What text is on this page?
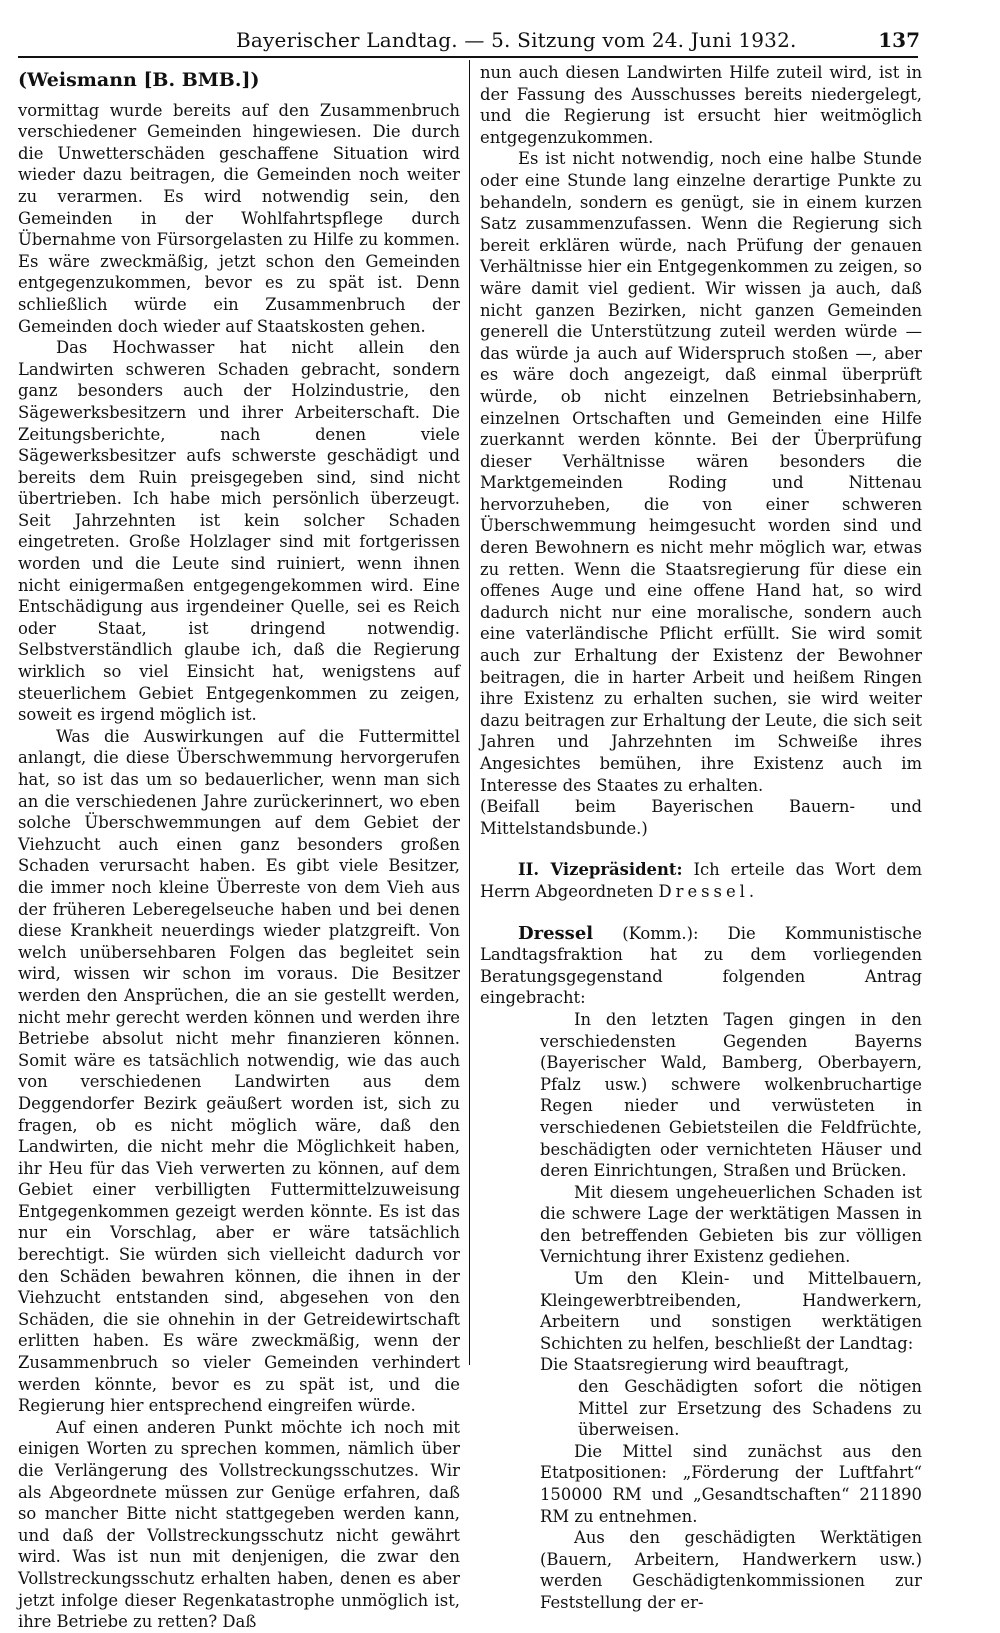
Bayerischer Landtag. — 5. Sitzung vom 24. Juni 1932.	137

(Weismann [B. BMB.])

vormittag wurde bereits auf den Zusammenbruch verschiedener Gemeinden hingewiesen. Die durch die Unwetterschäden geschaffene Situation wird wieder dazu beitragen, die Gemeinden noch weiter zu verarmen. Es wird notwendig sein, den Gemeinden in der Wohlfahrtspflege durch Übernahme von Fürsorgelasten zu Hilfe zu kommen. Es wäre zweckmäßig, jetzt schon den Gemeinden entgegenzukommen, bevor es zu spät ist. Denn schließlich würde ein Zusammenbruch der Gemeinden doch wieder auf Staatskosten gehen.

Das Hochwasser hat nicht allein den Landwirten schweren Schaden gebracht, sondern ganz besonders auch der Holzindustrie, den Sägewerksbesitzern und ihrer Arbeiterschaft. Die Zeitungsberichte, nach denen viele Sägewerksbesitzer aufs schwerste geschädigt und bereits dem Ruin preisgegeben sind, sind nicht übertrieben. Ich habe mich persönlich überzeugt. Seit Jahrzehnten ist kein solcher Schaden eingetreten. Große Holzlager sind mit fortgerissen worden und die Leute sind ruiniert, wenn ihnen nicht einigermaßen entgegengekommen wird. Eine Entschädigung aus irgendeiner Quelle, sei es Reich oder Staat, ist dringend notwendig. Selbstverständlich glaube ich, daß die Regierung wirklich so viel Einsicht hat, wenigstens auf steuerlichem Gebiet Entgegenkommen zu zeigen, soweit es irgend möglich ist.

Was die Auswirkungen auf die Futtermittel anlangt, die diese Überschwemmung hervorgerufen hat, so ist das um so bedauerlicher, wenn man sich an die verschiedenen Jahre zurückerinnert, wo eben solche Überschwemmungen auf dem Gebiet der Viehzucht auch einen ganz besonders großen Schaden verursacht haben. Es gibt viele Besitzer, die immer noch kleine Überreste von dem Vieh aus der früheren Leberegelseuche haben und bei denen diese Krankheit neuerdings wieder platzgreift. Von welch unübersehbaren Folgen das begleitet sein wird, wissen wir schon im voraus. Die Besitzer werden den Ansprüchen, die an sie gestellt werden, nicht mehr gerecht werden können und werden ihre Betriebe absolut nicht mehr finanzieren können. Somit wäre es tatsächlich notwendig, wie das auch von verschiedenen Landwirten aus dem Deggendorfer Bezirk geäußert worden ist, sich zu fragen, ob es nicht möglich wäre, daß den Landwirten, die nicht mehr die Möglichkeit haben, ihr Heu für das Vieh verwerten zu können, auf dem Gebiet einer verbilligten Futtermittelzuweisung Entgegenkommen gezeigt werden könnte. Es ist das nur ein Vorschlag, aber er wäre tatsächlich berechtigt. Sie würden sich vielleicht dadurch vor den Schäden bewahren können, die ihnen in der Viehzucht entstanden sind, abgesehen von den Schäden, die sie ohnehin in der Getreidewirtschaft erlitten haben. Es wäre zweckmäßig, wenn der Zusammenbruch so vieler Gemeinden verhindert werden könnte, bevor es zu spät ist, und die Regierung hier entsprechend eingreifen würde.

Auf einen anderen Punkt möchte ich noch mit einigen Worten zu sprechen kommen, nämlich über die Verlängerung des Vollstreckungsschutzes. Wir als Abgeordnete müssen zur Genüge erfahren, daß so mancher Bitte nicht stattgegeben werden kann, und daß der Vollstreckungsschutz nicht gewährt wird. Was ist nun mit denjenigen, die zwar den Vollstreckungsschutz erhalten haben, denen es aber jetzt infolge dieser Regenkatastrophe unmöglich ist, ihre Betriebe zu retten? Daß

nun auch diesen Landwirten Hilfe zuteil wird, ist in der Fassung des Ausschusses bereits niedergelegt, und die Regierung ist ersucht hier weitmöglich entgegenzukommen.

Es ist nicht notwendig, noch eine halbe Stunde oder eine Stunde lang einzelne derartige Punkte zu behandeln, sondern es genügt, sie in einem kurzen Satz zusammenzufassen. Wenn die Regierung sich bereit erklären würde, nach Prüfung der genauen Verhältnisse hier ein Entgegenkommen zu zeigen, so wäre damit viel gedient. Wir wissen ja auch, daß nicht ganzen Bezirken, nicht ganzen Gemeinden generell die Unterstützung zuteil werden würde — das würde ja auch auf Widerspruch stoßen —, aber es wäre doch angezeigt, daß einmal überprüft würde, ob nicht einzelnen Betriebsinhabern, einzelnen Ortschaften und Gemeinden eine Hilfe zuerkannt werden könnte. Bei der Überprüfung dieser Verhältnisse wären besonders die Marktgemeinden Roding und Nittenau hervorzuheben, die von einer schweren Überschwemmung heimgesucht worden sind und deren Bewohnern es nicht mehr möglich war, etwas zu retten. Wenn die Staatsregierung für diese ein offenes Auge und eine offene Hand hat, so wird dadurch nicht nur eine moralische, sondern auch eine vaterländische Pflicht erfüllt. Sie wird somit auch zur Erhaltung der Existenz der Bewohner beitragen, die in harter Arbeit und heißem Ringen ihre Existenz zu erhalten suchen, sie wird weiter dazu beitragen zur Erhaltung der Leute, die sich seit Jahren und Jahrzehnten im Schweiße ihres Angesichtes bemühen, ihre Existenz auch im Interesse des Staates zu erhalten.

(Beifall beim Bayerischen Bauern- und Mittelstandsbunde.)

II. Vizepräsident: Ich erteile das Wort dem Herrn Abgeordneten Dressel.

Dressel (Komm.): Die Kommunistische Landtagsfraktion hat zu dem vorliegenden Beratungsgegenstand folgenden Antrag eingebracht:

In den letzten Tagen gingen in den verschiedensten Gegenden Bayerns (Bayerischer Wald, Bamberg, Oberbayern, Pfalz usw.) schwere wolkenbruchartige Regen nieder und verwüsteten in verschiedenen Gebietsteilen die Feldfrüchte, beschädigten oder vernichteten Häuser und deren Einrichtungen, Straßen und Brücken.

Mit diesem ungeheuerlichen Schaden ist die schwere Lage der werktätigen Massen in den betreffenden Gebieten bis zur völligen Vernichtung ihrer Existenz gediehen.

Um den Klein- und Mittelbauern, Kleingewerbtreibenden, Handwerkern, Arbeitern und sonstigen werktätigen Schichten zu helfen, beschließt der Landtag:

Die Staatsregierung wird beauftragt,

den Geschädigten sofort die nötigen Mittel zur Ersetzung des Schadens zu überweisen.

Die Mittel sind zunächst aus den Etatpositionen: „Förderung der Luftfahrt“ 150000 RM und „Gesandtschaften“ 211890 RM zu entnehmen.

Aus den geschädigten Werktätigen (Bauern, Arbeitern, Handwerkern usw.) werden Geschädigtenkommissionen zur Feststellung der er-
